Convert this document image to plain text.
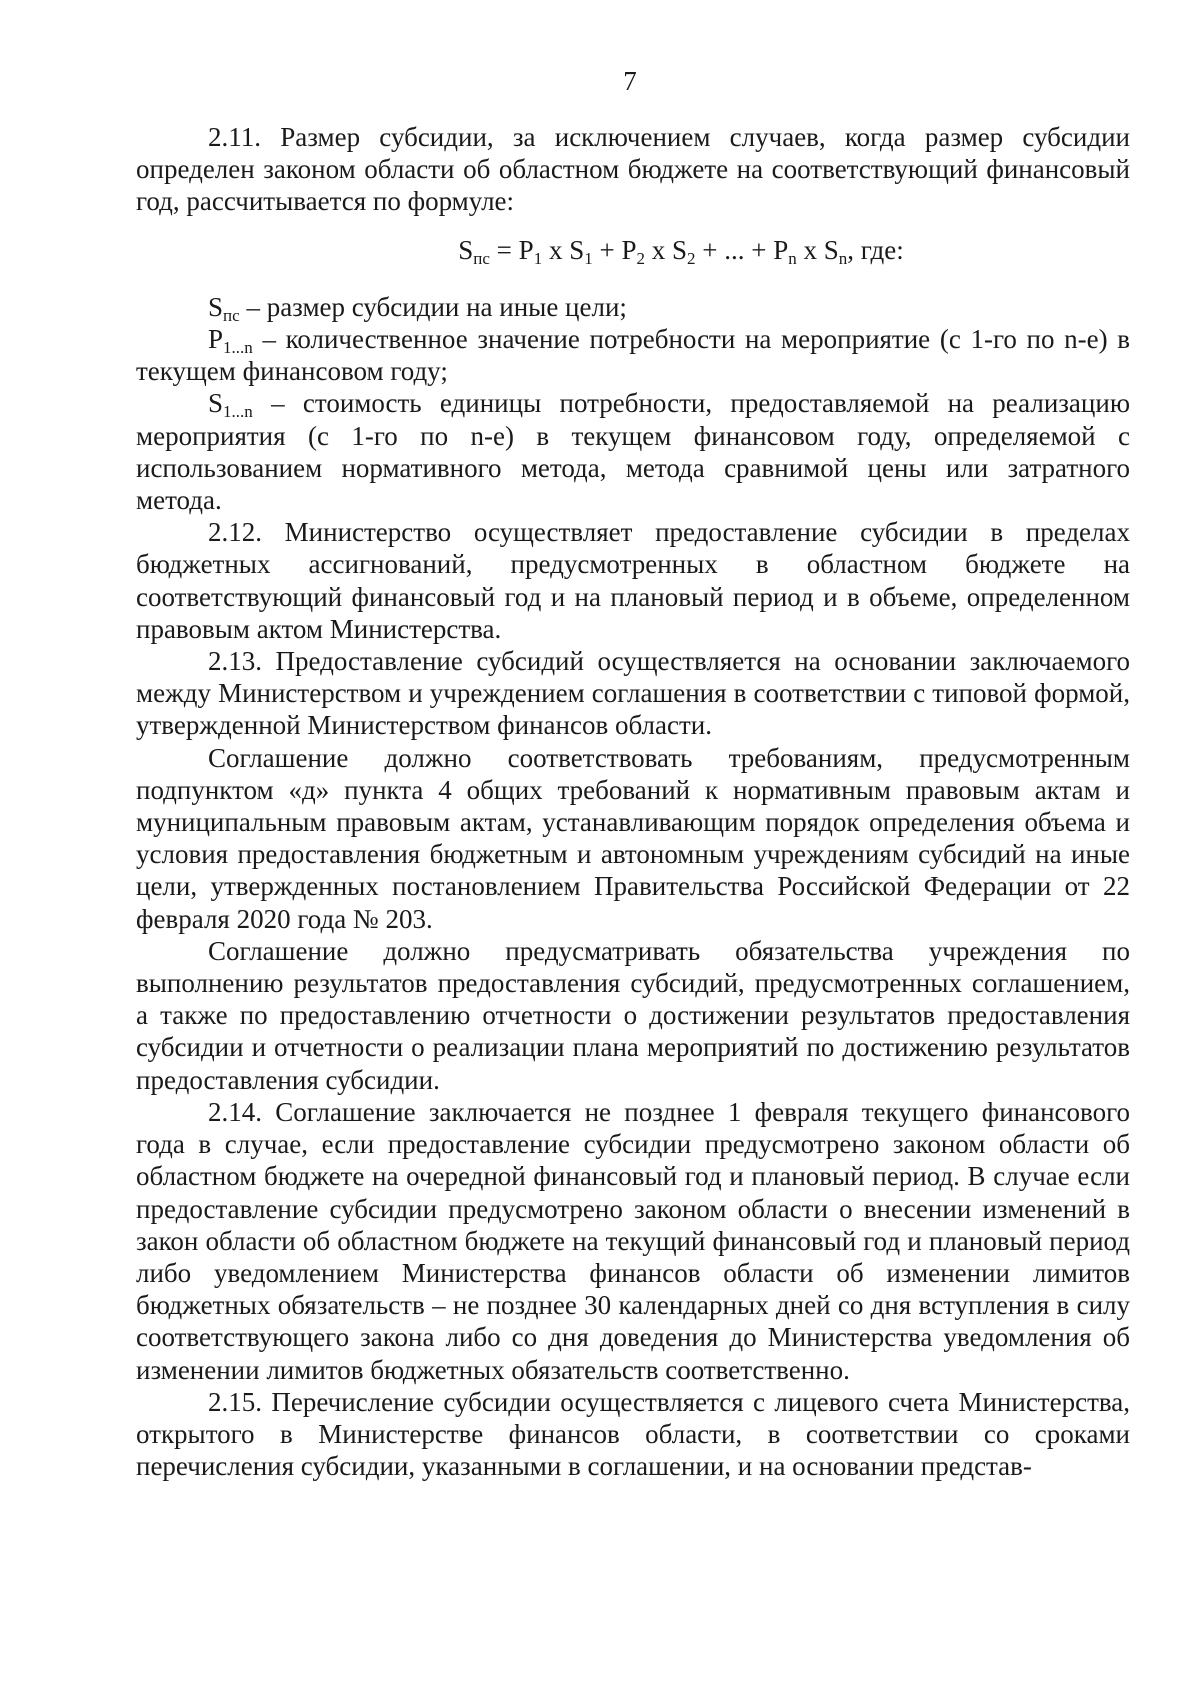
7

2.11. Размер субсидии, за исключением случаев, когда размер субсидии определен законом области об областном бюджете на соответствующий финансовый год, рассчитывается по формуле:

$S_{пс} = P_1$ x $S_1 + P_2$ x $S_2$ + ... + $P_n$ x $S_n$, где:

$S_{пс}$ – размер субсидии на иные цели;

$P_{1...n}$ – количественное значение потребности на мероприятие (с 1-го по n-е) в текущем финансовом году;

$S_{1...n}$ – стоимость единицы потребности, предоставляемой на реализацию мероприятия (с 1-го по n-е) в текущем финансовом году, определяемой с использованием нормативного метода, метода сравнимой цены или затратного метода.

2.12. Министерство осуществляет предоставление субсидии в пределах бюджетных ассигнований, предусмотренных в областном бюджете на соответствующий финансовый год и на плановый период и в объеме, определенном правовым актом Министерства.

2.13. Предоставление субсидий осуществляется на основании заключаемого между Министерством и учреждением соглашения в соответствии с типовой формой, утвержденной Министерством финансов области.

Соглашение должно соответствовать требованиям, предусмотренным подпунктом «д» пункта 4 общих требований к нормативным правовым актам и муниципальным правовым актам, устанавливающим порядок определения объема и условия предоставления бюджетным и автономным учреждениям субсидий на иные цели, утвержденных постановлением Правительства Российской Федерации от 22 февраля 2020 года № 203.

Соглашение должно предусматривать обязательства учреждения по выполнению результатов предоставления субсидий, предусмотренных соглашением, а также по предоставлению отчетности о достижении результатов предоставления субсидии и отчетности о реализации плана мероприятий по достижению результатов предоставления субсидии.

2.14. Соглашение заключается не позднее 1 февраля текущего финансового года в случае, если предоставление субсидии предусмотрено законом области об областном бюджете на очередной финансовый год и плановый период. В случае если предоставление субсидии предусмотрено законом области о внесении изменений в закон области об областном бюджете на текущий финансовый год и плановый период либо уведомлением Министерства финансов области об изменении лимитов бюджетных обязательств – не позднее 30 календарных дней со дня вступления в силу соответствующего закона либо со дня доведения до Министерства уведомления об изменении лимитов бюджетных обязательств соответственно.

2.15. Перечисление субсидии осуществляется с лицевого счета Министерства, открытого в Министерстве финансов области, в соответствии со сроками перечисления субсидии, указанными в соглашении, и на основании представ-
